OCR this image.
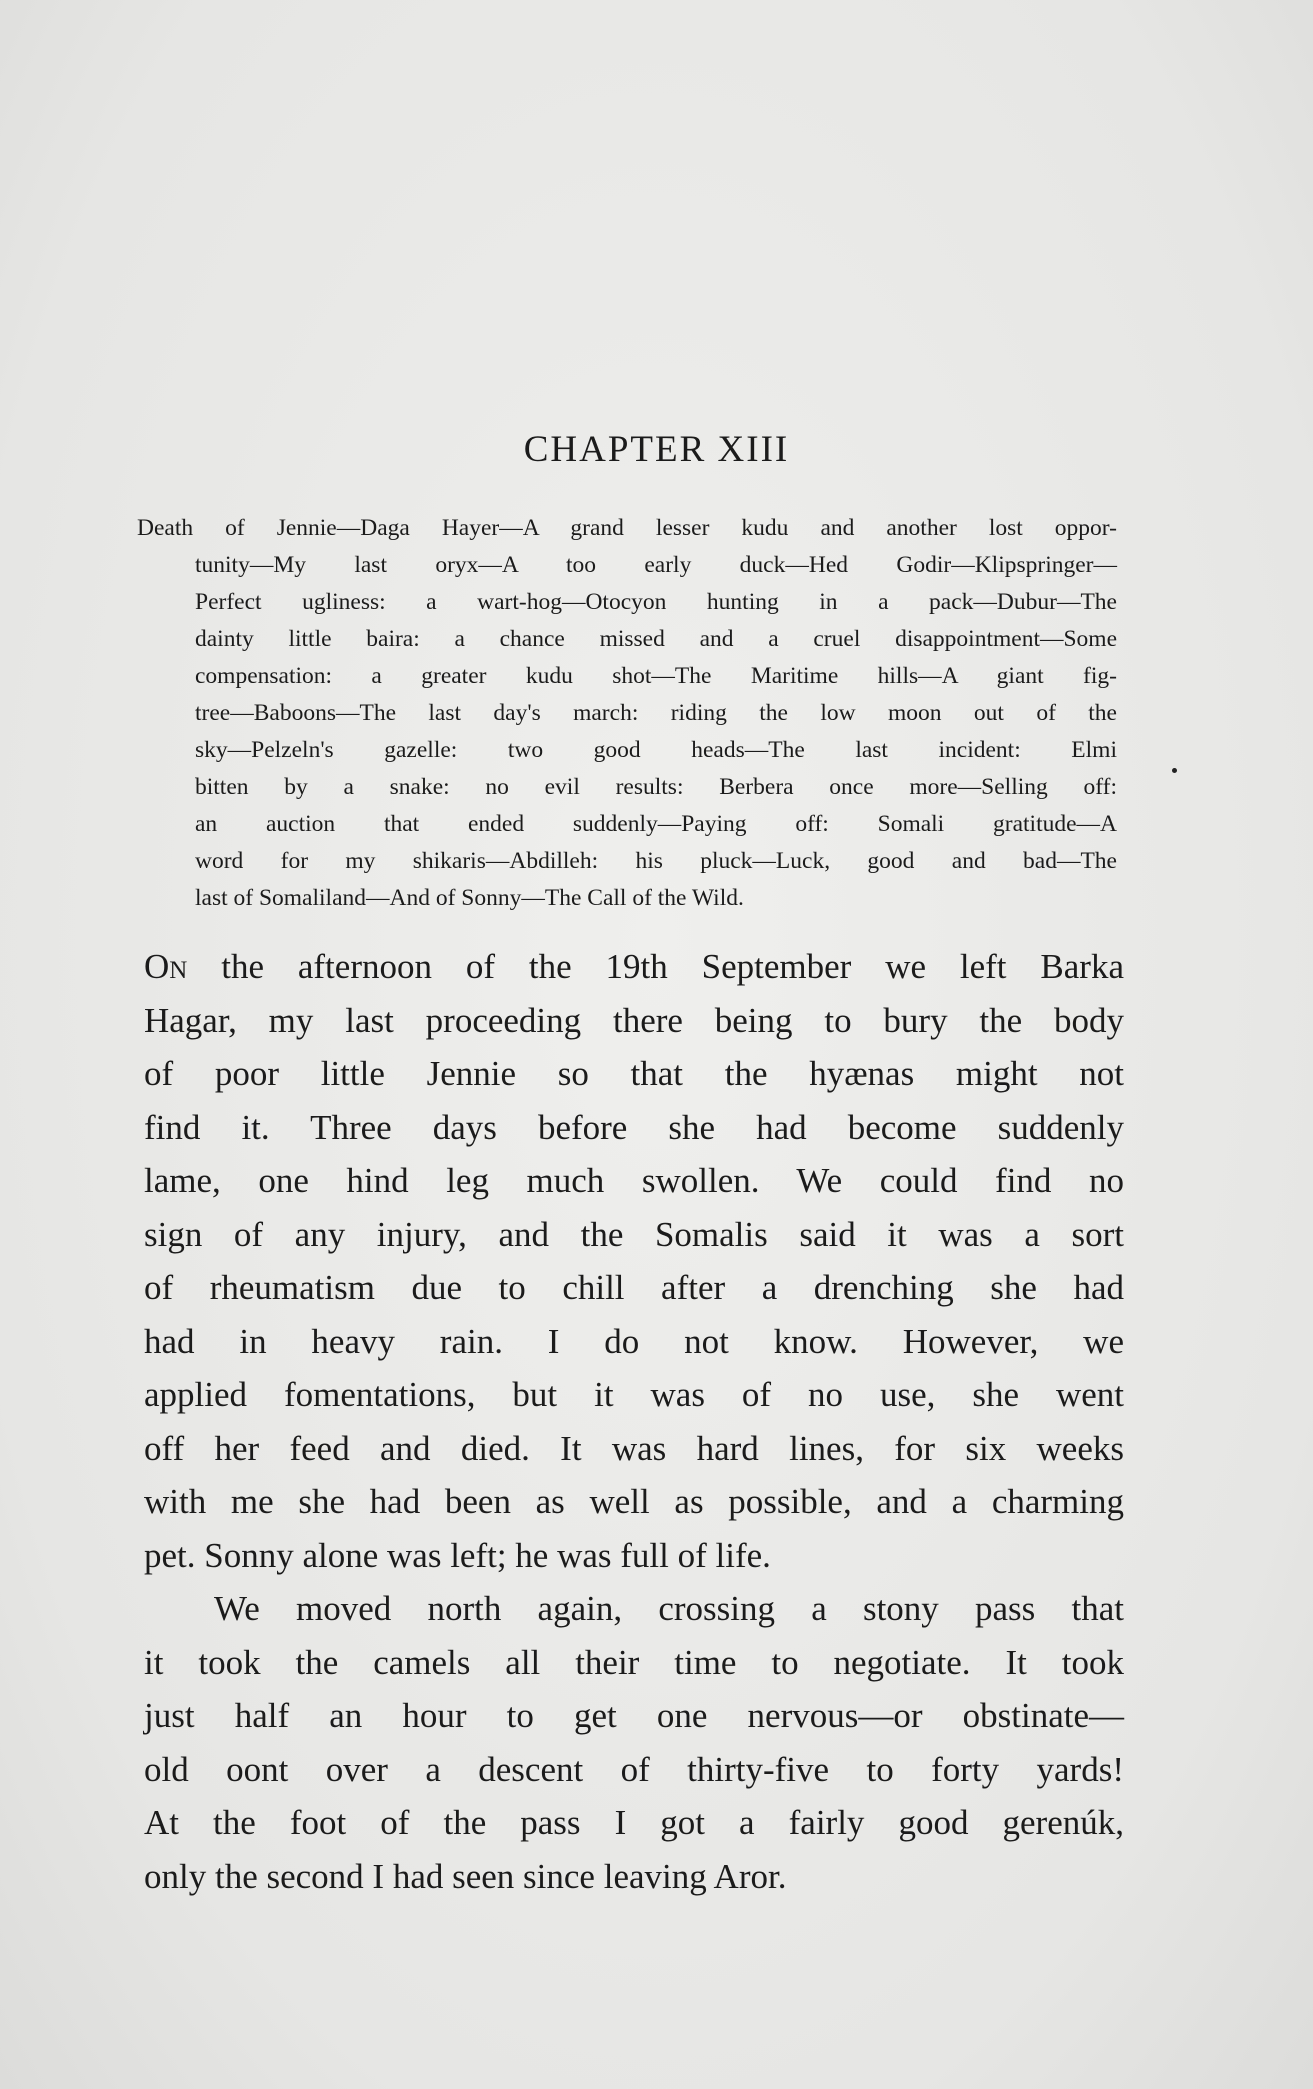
CHAPTER XIII
Death of Jennie—Daga Hayer—A grand lesser kudu and another lost oppor-
tunity—My last oryx—A too early duck—Hed Godir—Klipspringer—
Perfect ugliness: a wart-hog—Otocyon hunting in a pack—Dubur—The
dainty little baira: a chance missed and a cruel disappointment—Some
compensation: a greater kudu shot—The Maritime hills—A giant fig-
tree—Baboons—The last day's march: riding the low moon out of the
sky—Pelzeln's gazelle: two good heads—The last incident: Elmi
bitten by a snake: no evil results: Berbera once more—Selling off:
an auction that ended suddenly—Paying off: Somali gratitude—A
word for my shikaris—Abdilleh: his pluck—Luck, good and bad—The
last of Somaliland—And of Sonny—The Call of the Wild.
On the afternoon of the 19th September we left Barka
Hagar, my last proceeding there being to bury the body
of poor little Jennie so that the hyænas might not
find it. Three days before she had become suddenly
lame, one hind leg much swollen. We could find no
sign of any injury, and the Somalis said it was a sort
of rheumatism due to chill after a drenching she had
had in heavy rain. I do not know. However, we
applied fomentations, but it was of no use, she went
off her feed and died. It was hard lines, for six weeks
with me she had been as well as possible, and a charming
pet. Sonny alone was left; he was full of life.
We moved north again, crossing a stony pass that
it took the camels all their time to negotiate. It took
just half an hour to get one nervous—or obstinate—
old oont over a descent of thirty-five to forty yards!
At the foot of the pass I got a fairly good gerenúk,
only the second I had seen since leaving Aror.
